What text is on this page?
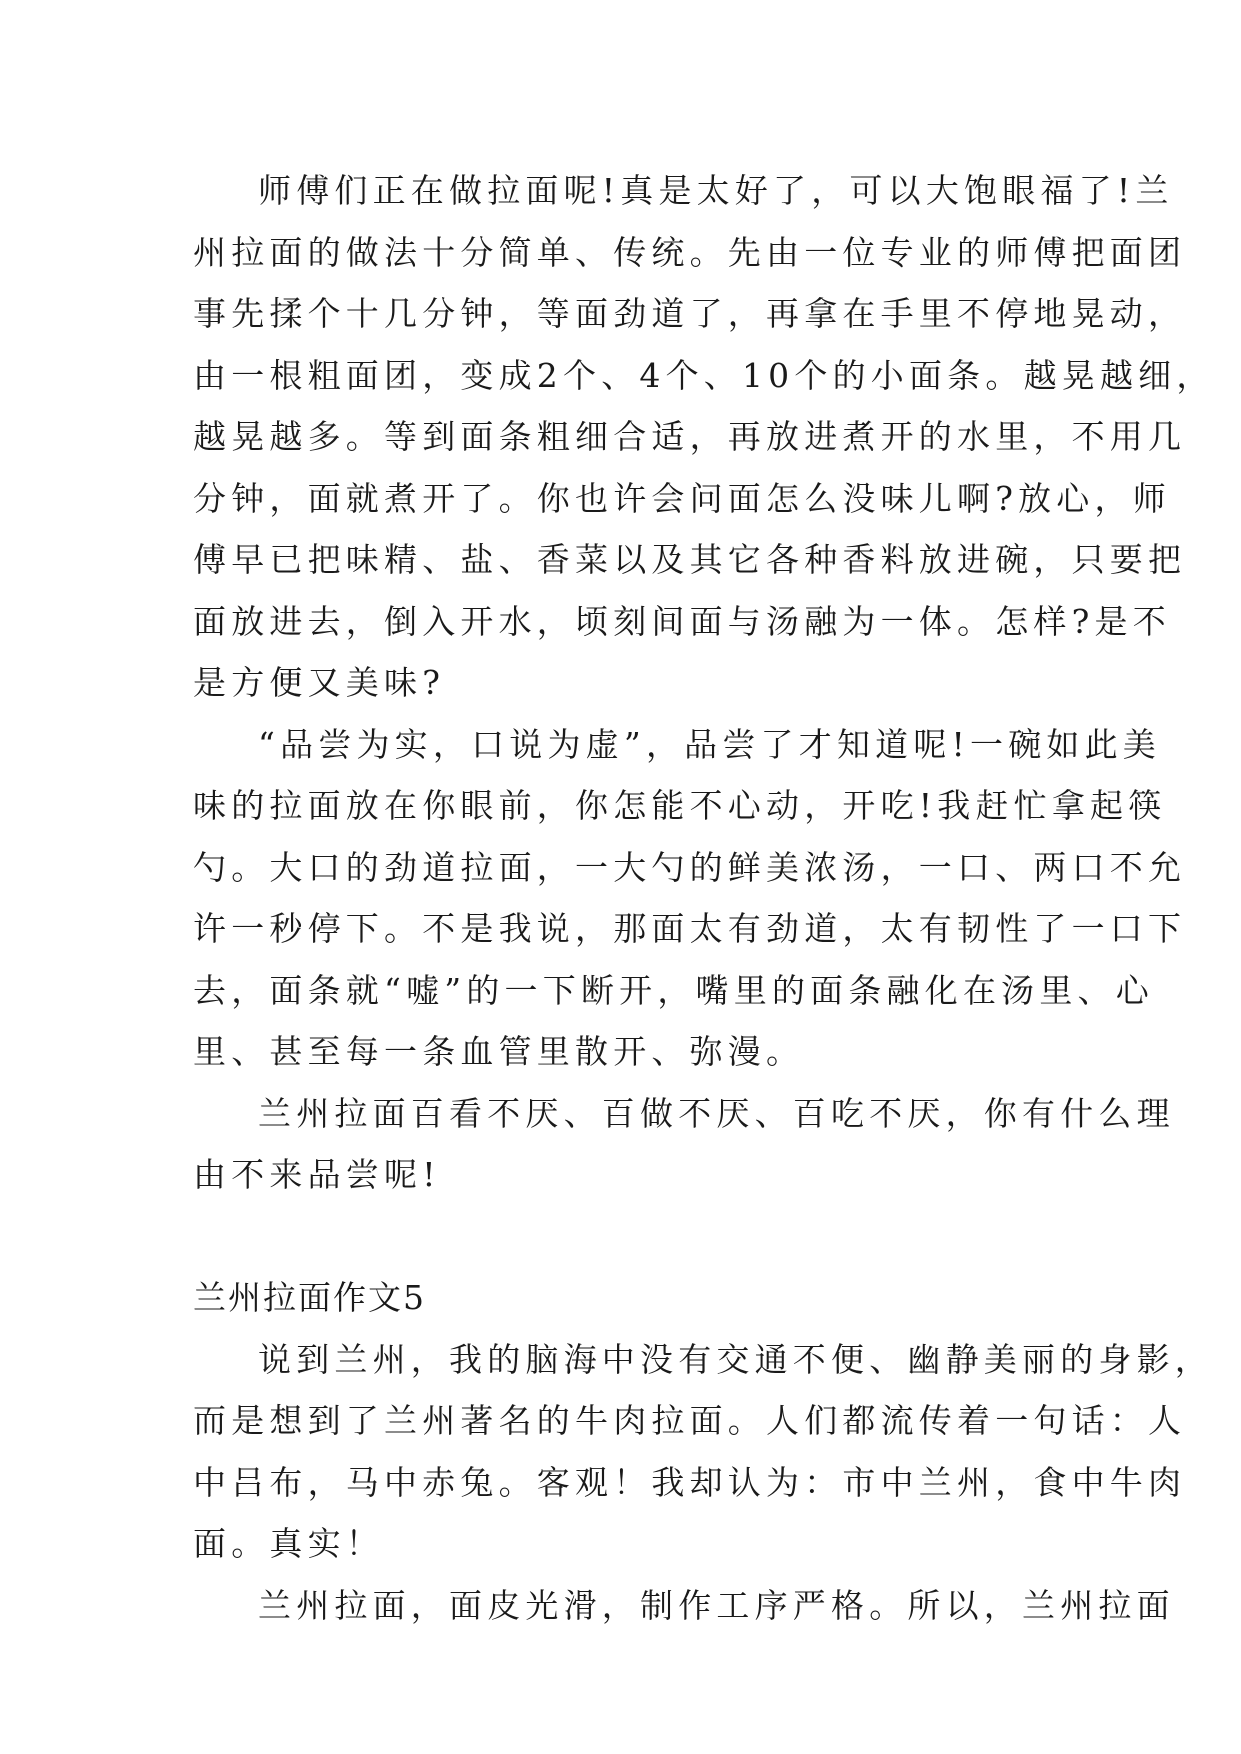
师傅们正在做拉面呢!真是太好了，可以大饱眼福了!兰
州拉面的做法十分简单、传统。先由一位专业的师傅把面团
事先揉个十几分钟，等面劲道了，再拿在手里不停地晃动，
由一根粗面团，变成2个、4个、10个的小面条。越晃越细，
越晃越多。等到面条粗细合适，再放进煮开的水里，不用几
分钟，面就煮开了。你也许会问面怎么没味儿啊?放心，师
傅早已把味精、盐、香菜以及其它各种香料放进碗，只要把
面放进去，倒入开水，顷刻间面与汤融为一体。怎样?是不
是方便又美味?
“品尝为实，口说为虚”，品尝了才知道呢!一碗如此美
味的拉面放在你眼前，你怎能不心动，开吃!我赶忙拿起筷
勺。大口的劲道拉面，一大勺的鲜美浓汤，一口、两口不允
许一秒停下。不是我说，那面太有劲道，太有韧性了一口下
去，面条就“嘘”的一下断开，嘴里的面条融化在汤里、心
里、甚至每一条血管里散开、弥漫。
兰州拉面百看不厌、百做不厌、百吃不厌，你有什么理
由不来品尝呢!
兰州拉面作文5
说到兰州，我的脑海中没有交通不便、幽静美丽的身影，
而是想到了兰州著名的牛肉拉面。人们都流传着一句话：人
中吕布，马中赤兔。客观！我却认为：市中兰州，食中牛肉
面。真实！
兰州拉面，面皮光滑，制作工序严格。所以，兰州拉面
